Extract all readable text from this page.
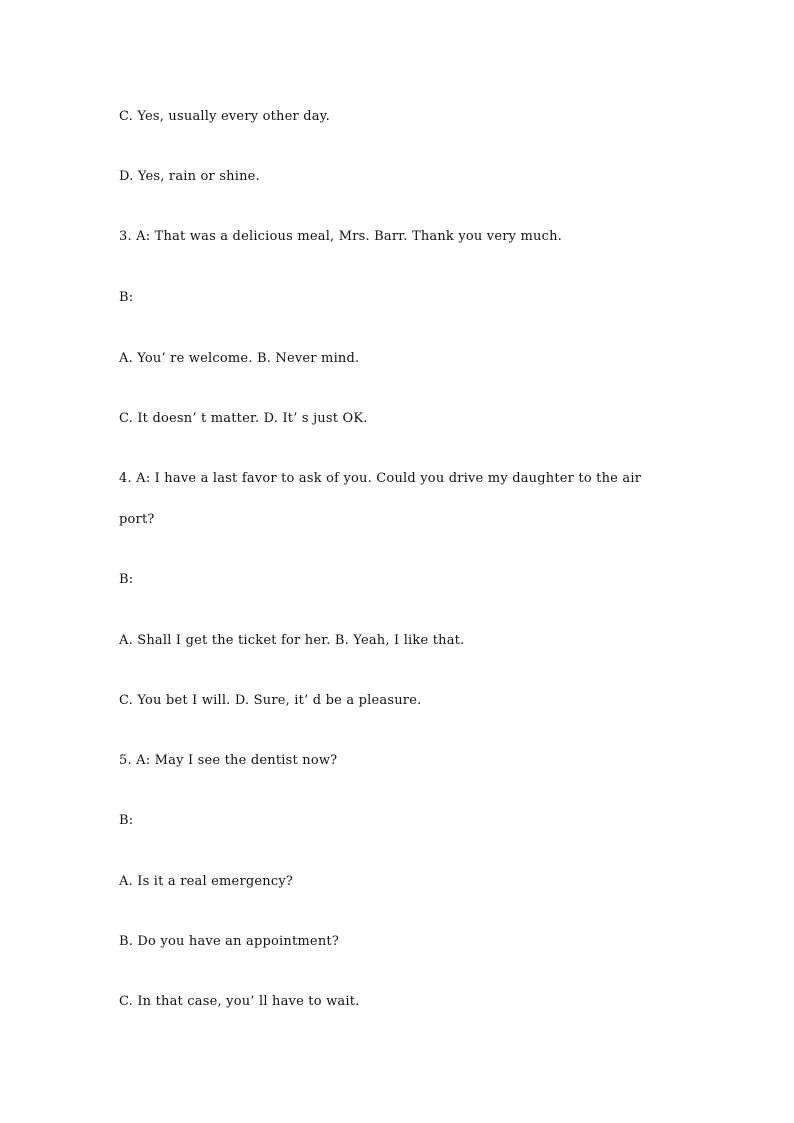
C. Yes, usually every other day.
D. Yes, rain or shine.
3. A: That was a delicious meal, Mrs. Barr. Thank you very much.
B:
A. You’ re welcome. B. Never mind.
C. It doesn’ t matter. D. It’ s just OK.
4. A: I have a last favor to ask of you. Could you drive my daughter to the air
port?
B:
A. Shall I get the ticket for her. B. Yeah, I like that.
C. You bet I will. D. Sure, it’ d be a pleasure.
5. A: May I see the dentist now?
B:
A. Is it a real emergency?
B. Do you have an appointment?
C. In that case, you’ ll have to wait.
